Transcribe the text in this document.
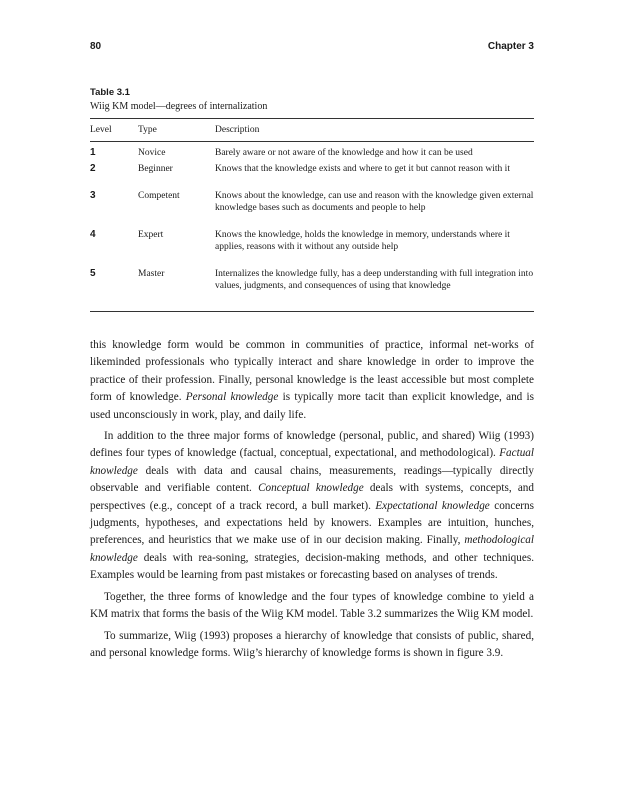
80	Chapter 3
Table 3.1
Wiig KM model—degrees of internalization
Level	Type	Description
1	Novice	Barely aware or not aware of the knowledge and how it can be used
2	Beginner	Knows that the knowledge exists and where to get it but cannot reason with it
3	Competent	Knows about the knowledge, can use and reason with the knowledge given external knowledge bases such as documents and people to help
4	Expert	Knows the knowledge, holds the knowledge in memory, understands where it applies, reasons with it without any outside help
5	Master	Internalizes the knowledge fully, has a deep understanding with full integration into values, judgments, and consequences of using that knowledge

this knowledge form would be common in communities of practice, informal net-works of likeminded professionals who typically interact and share knowledge in order to improve the practice of their profession. Finally, personal knowledge is the least accessible but most complete form of knowledge. Personal knowledge is typically more tacit than explicit knowledge, and is used unconsciously in work, play, and daily life.

In addition to the three major forms of knowledge (personal, public, and shared) Wiig (1993) defines four types of knowledge (factual, conceptual, expectational, and methodological). Factual knowledge deals with data and causal chains, measurements, readings—typically directly observable and verifiable content. Conceptual knowledge deals with systems, concepts, and perspectives (e.g., concept of a track record, a bull market). Expectational knowledge concerns judgments, hypotheses, and expectations held by knowers. Examples are intuition, hunches, preferences, and heuristics that we make use of in our decision making. Finally, methodological knowledge deals with rea-soning, strategies, decision-making methods, and other techniques. Examples would be learning from past mistakes or forecasting based on analyses of trends.

Together, the three forms of knowledge and the four types of knowledge combine to yield a KM matrix that forms the basis of the Wiig KM model. Table 3.2 summarizes the Wiig KM model.

To summarize, Wiig (1993) proposes a hierarchy of knowledge that consists of public, shared, and personal knowledge forms. Wiig’s hierarchy of knowledge forms is shown in figure 3.9.
